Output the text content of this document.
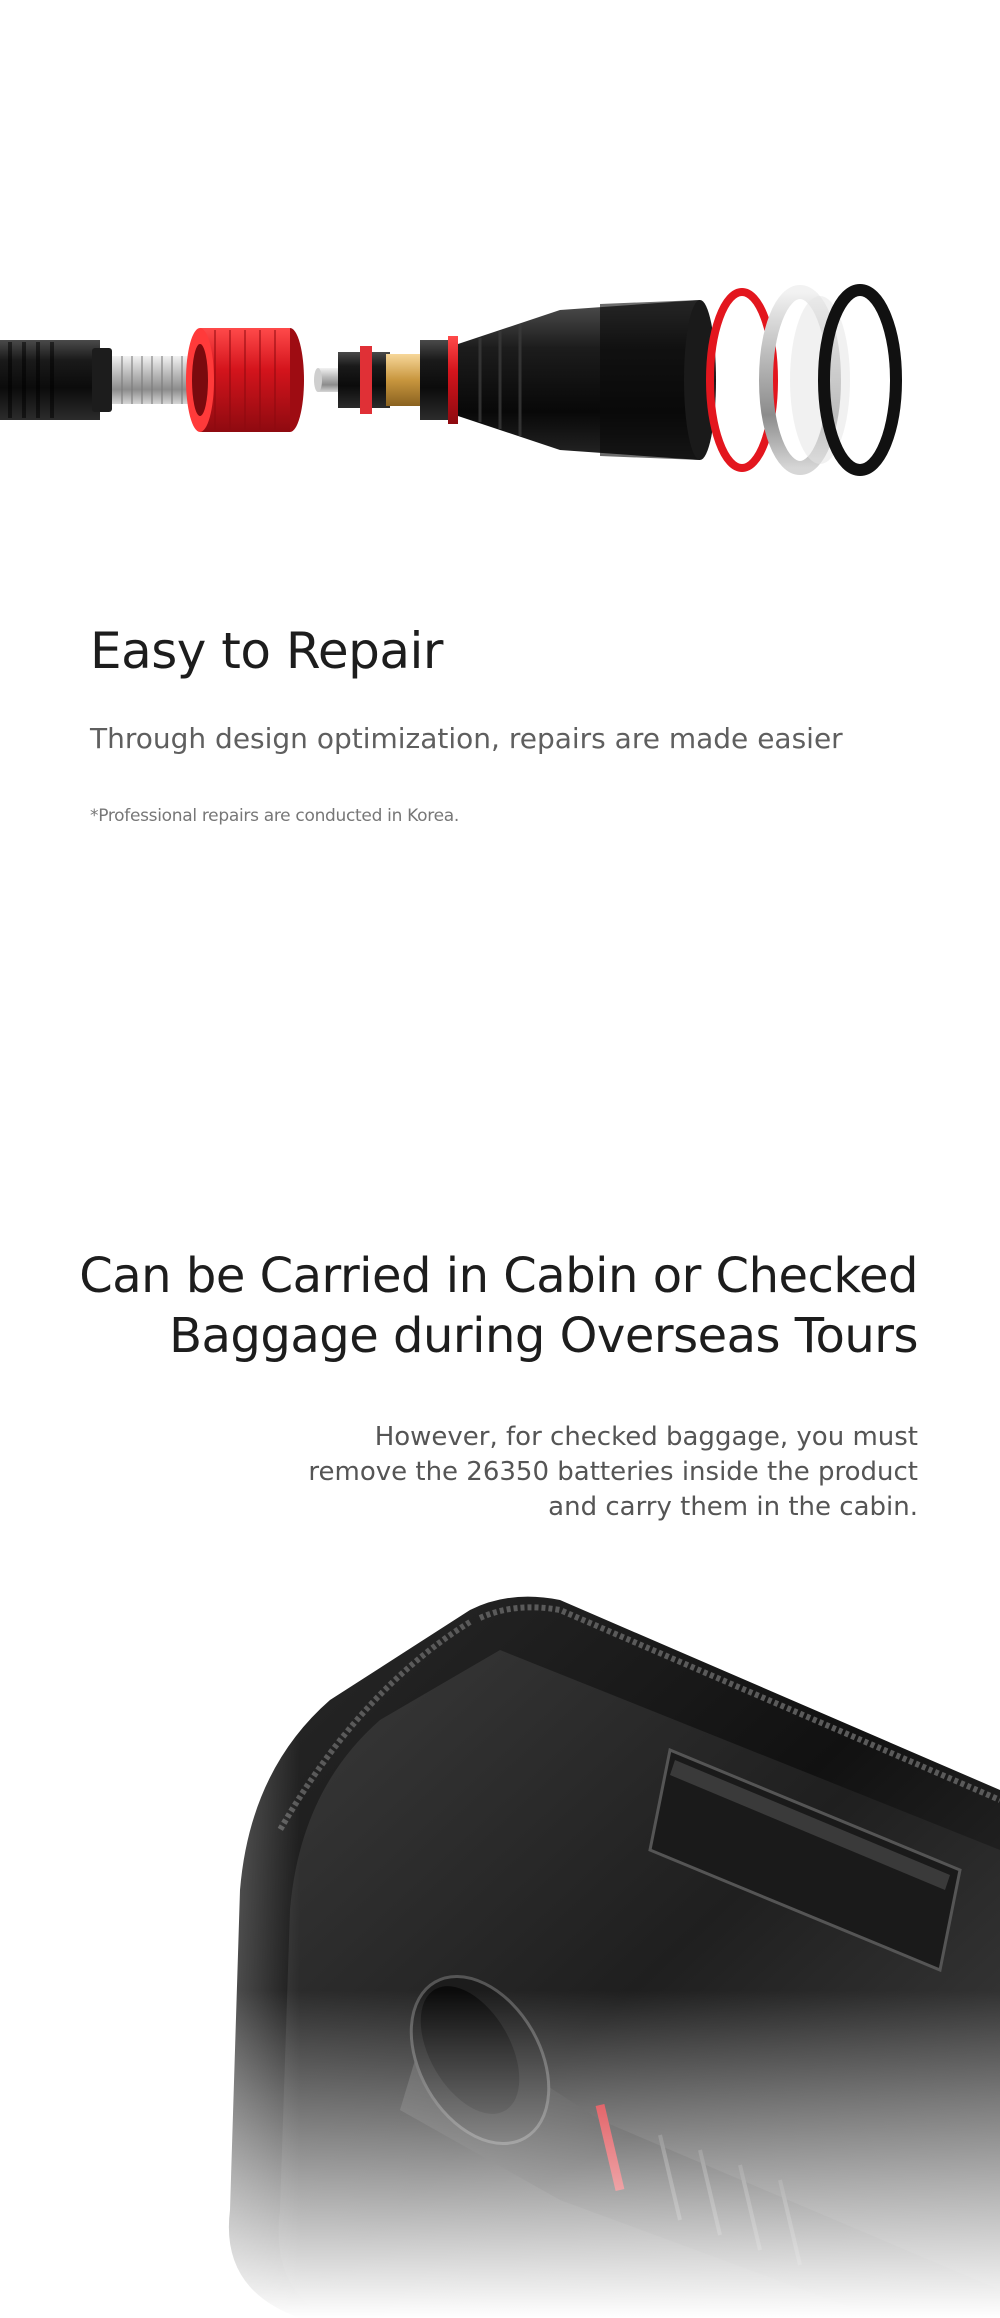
Easy to Repair

Through design optimization, repairs are made easier

*Professional repairs are conducted in Korea.

Can be Carried in Cabin or Checked
Baggage during Overseas Tours

However, for checked baggage, you must
remove the 26350 batteries inside the product
and carry them in the cabin.
